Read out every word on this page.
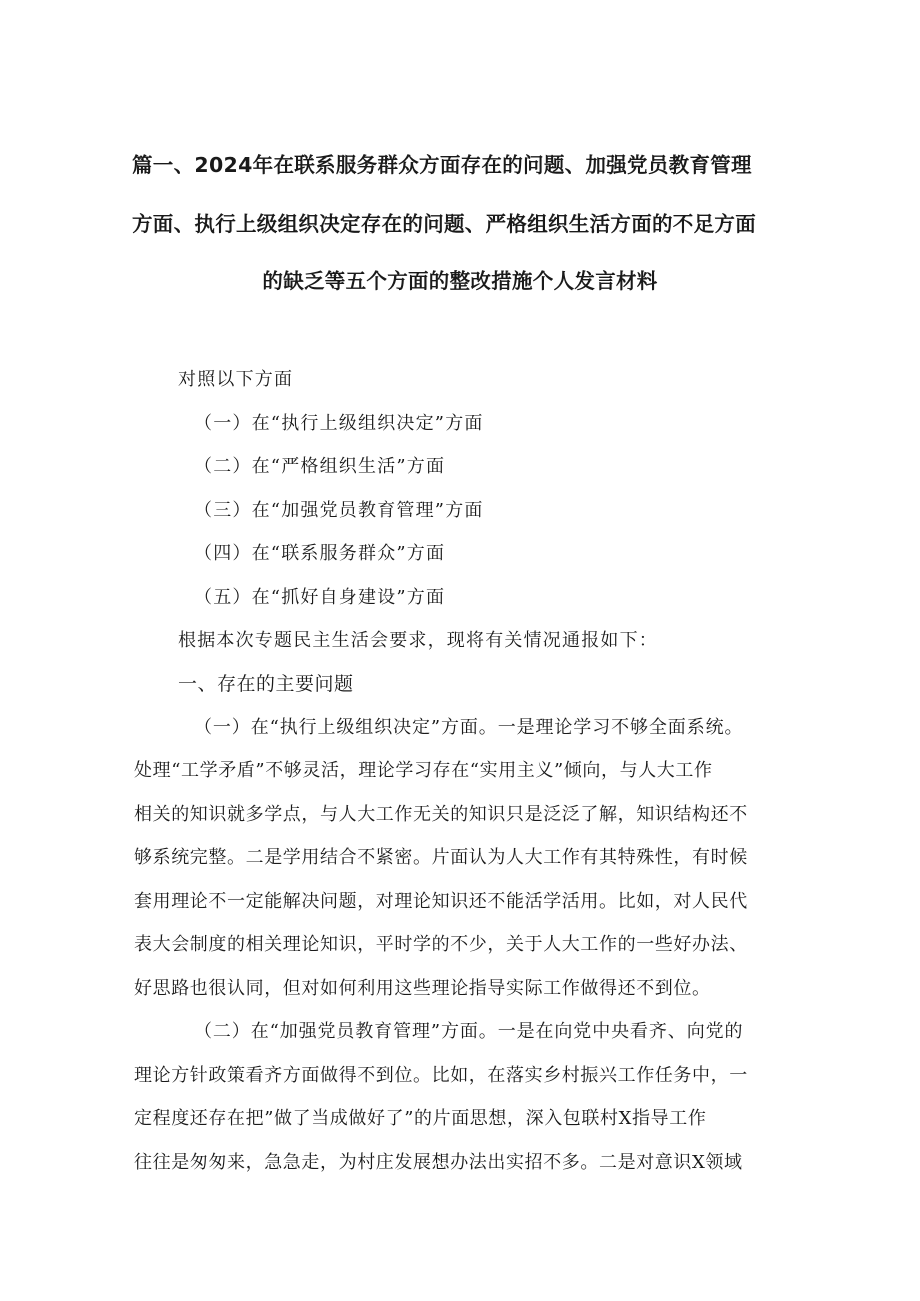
篇一、2024年在联系服务群众方面存在的问题、加强党员教育管理
方面、执行上级组织决定存在的问题、严格组织生活方面的不足方面
的缺乏等五个方面的整改措施个人发言材料
对照以下方面
（一）在“执行上级组织决定”方面
（二）在“严格组织生活”方面
（三）在“加强党员教育管理”方面
（四）在“联系服务群众”方面
（五）在“抓好自身建设”方面
根据本次专题民主生活会要求，现将有关情况通报如下：
一、存在的主要问题
（一）在“执行上级组织决定”方面。一是理论学习不够全面系统。
处理“工学矛盾”不够灵活，理论学习存在“实用主义”倾向，与人大工作
相关的知识就多学点，与人大工作无关的知识只是泛泛了解，知识结构还不
够系统完整。二是学用结合不紧密。片面认为人大工作有其特殊性，有时候
套用理论不一定能解决问题，对理论知识还不能活学活用。比如，对人民代
表大会制度的相关理论知识，平时学的不少，关于人大工作的一些好办法、
好思路也很认同，但对如何利用这些理论指导实际工作做得还不到位。
（二）在“加强党员教育管理”方面。一是在向党中央看齐、向党的
理论方针政策看齐方面做得不到位。比如，在落实乡村振兴工作任务中，一
定程度还存在把”做了当成做好了”的片面思想，深入包联村X指导工作
往往是匆匆来，急急走，为村庄发展想办法出实招不多。二是对意识X领域
